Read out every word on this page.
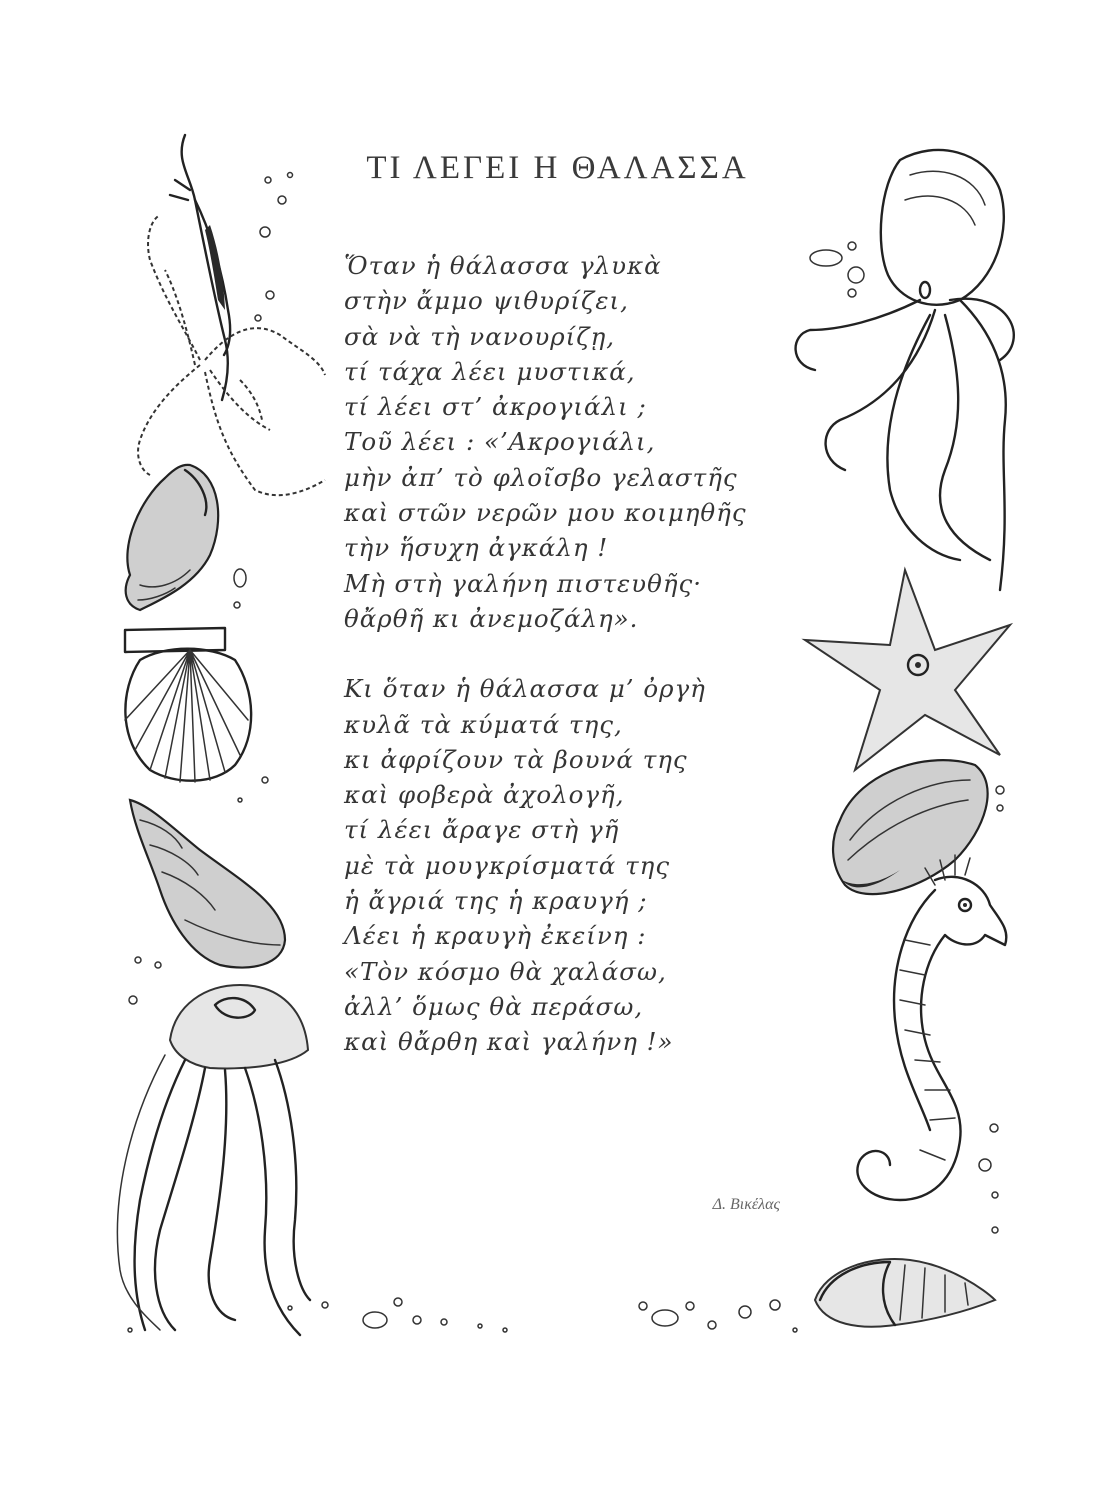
ΤΙ ΛΕΓΕΙ Η ΘΑΛΑΣΣΑ

Ὅταν ἡ θάλασσα γλυκὰ
στὴν ἄμμο ψιθυρίζει,
σὰ νὰ τὴ νανουρίζῃ,
τί τάχα λέει μυστικά,
τί λέει στ’ ἀκρογιάλι ;
Τοῦ λέει : «’Ακρογιάλι,
μὴν ἀπ’ τὸ φλοῖσβο γελαστῆς
καὶ στῶν νερῶν μου κοιμηθῆς
τὴν ἥσυχη ἀγκάλη !
Μὴ στὴ γαλήνη πιστευθῆς·
θἄρθῆ κι ἀνεμοζάλη».

Κι ὅταν ἡ θάλασσα μ’ ὀργὴ
κυλᾶ τὰ κύματά της,
κι ἀφρίζουν τὰ βουνά της
καὶ φοβερὰ ἀχολογῆ,
τί λέει ἄραγε στὴ γῆ
μὲ τὰ μουγκρίσματά της
ἡ ἄγριά της ἡ κραυγή ;
Λέει ἡ κραυγὴ ἐκείνη :
«Τὸν κόσμο θὰ χαλάσω,
ἀλλ’ ὅμως θὰ περάσω,
καὶ θἄρθη καὶ γαλήνη !»

Δ. Βικέλας
